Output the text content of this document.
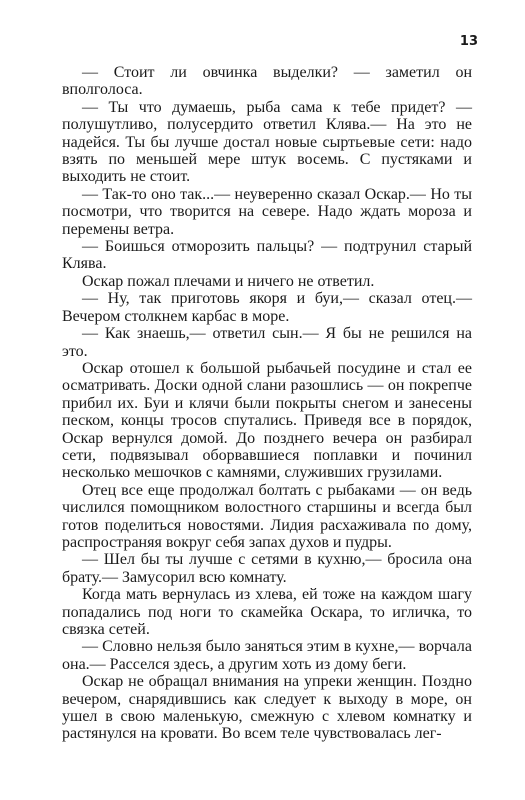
13

— Стоит ли овчинка выделки? — заметил он вполголоса.

— Ты что думаешь, рыба сама к тебе придет? — полушутливо, полусердито ответил Клява.— На это не надейся. Ты бы лучше достал новые сыртьевые сети: надо взять по меньшей мере штук восемь. С пустяками и выходить не стоит.

— Так-то оно так...— неуверенно сказал Оскар.— Но ты посмотри, что творится на севере. Надо ждать мороза и перемены ветра.

— Боишься отморозить пальцы? — подтрунил старый Клява.

Оскар пожал плечами и ничего не ответил.

— Ну, так приготовь якоря и буи,— сказал отец.— Вечером столкнем карбас в море.

— Как знаешь,— ответил сын.— Я бы не решился на это.

Оскар отошел к большой рыбачьей посудине и стал ее осматривать. Доски одной слани разошлись — он покрепче прибил их. Буи и клячи были покрыты снегом и занесены песком, концы тросов спутались. Приведя все в порядок, Оскар вернулся домой. До позднего вечера он разбирал сети, подвязывал оборвавшиеся поплавки и починил несколько мешочков с камнями, служивших грузилами.

Отец все еще продолжал болтать с рыбаками — он ведь числился помощником волостного старшины и всегда был готов поделиться новостями. Лидия расхаживала по дому, распространяя вокруг себя запах духов и пудры.

— Шел бы ты лучше с сетями в кухню,— бросила она брату.— Замусорил всю комнату.

Когда мать вернулась из хлева, ей тоже на каждом шагу попадались под ноги то скамейка Оскара, то игличка, то связка сетей.

— Словно нельзя было заняться этим в кухне,— ворчала она.— Расселся здесь, а другим хоть из дому беги.

Оскар не обращал внимания на упреки женщин. Поздно вечером, снарядившись как следует к выходу в море, он ушел в свою маленькую, смежную с хлевом комнатку и растянулся на кровати. Во всем теле чувствовалась лег-
